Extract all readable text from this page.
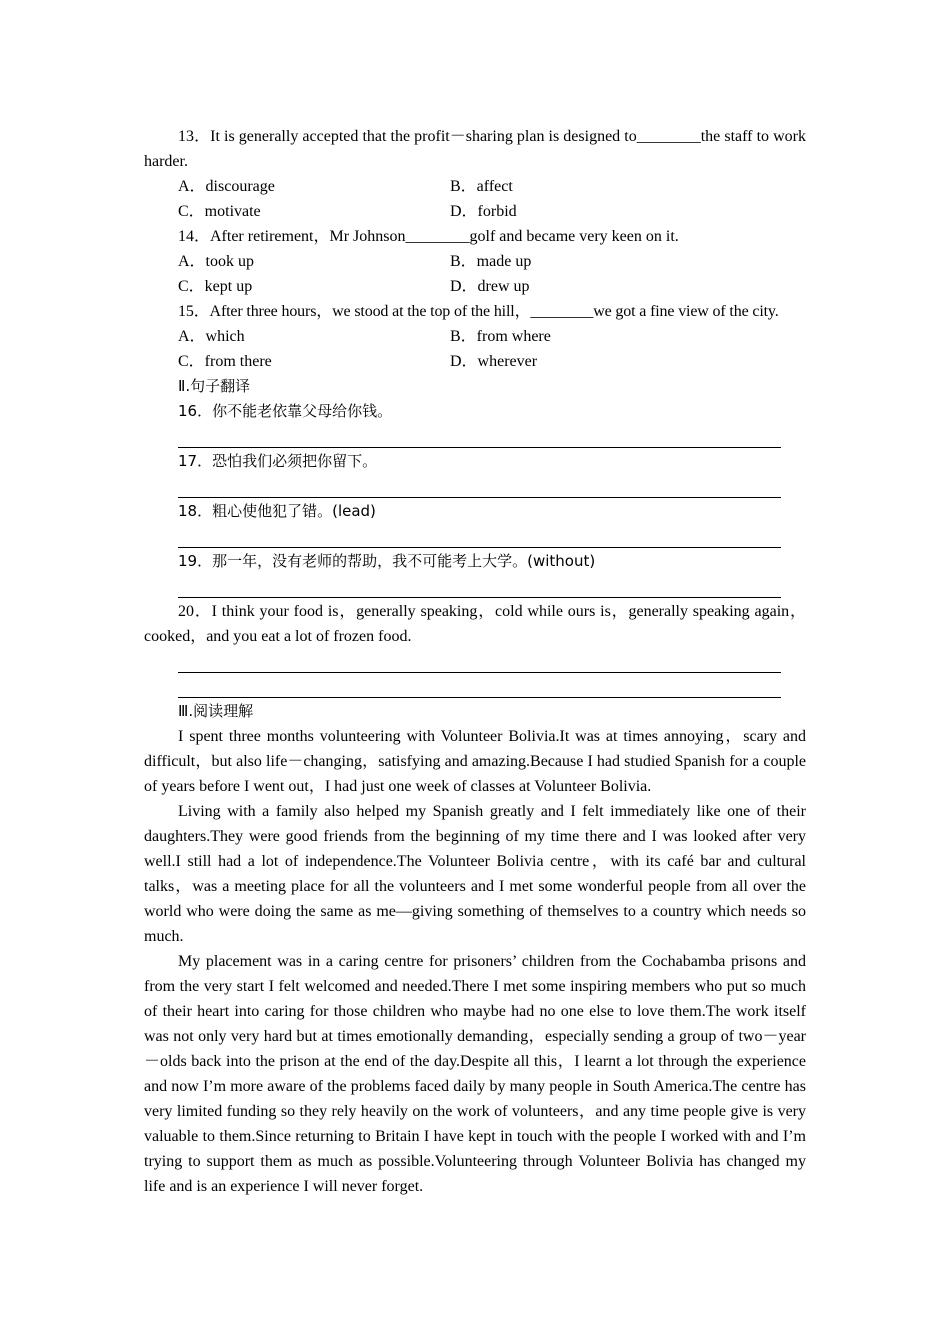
13．It is generally accepted that the profit－sharing plan is designed to________the staff to work harder.
A．discourage	B．affect
C．motivate	D．forbid
14．After retirement，Mr Johnson________golf and became very keen on it.
A．took up	B．made up
C．kept up	D．drew up
15．After three hours，we stood at the top of the hill，________we got a fine view of the city.
A．which	B．from where
C．from there	D．wherever
Ⅱ.句子翻译
16．你不能老依靠父母给你钱。
17．恐怕我们必须把你留下。
18．粗心使他犯了错。(lead)
19．那一年，没有老师的帮助，我不可能考上大学。(without)
20．I think your food is，generally speaking，cold while ours is，generally speaking again，cooked，and you eat a lot of frozen food.
Ⅲ.阅读理解
I spent three months volunteering with Volunteer Bolivia.It was at times annoying，scary and difficult，but also life－changing，satisfying and amazing.Because I had studied Spanish for a couple of years before I went out，I had just one week of classes at Volunteer Bolivia.
Living with a family also helped my Spanish greatly and I felt immediately like one of their daughters.They were good friends from the beginning of my time there and I was looked after very well.I still had a lot of independence.The Volunteer Bolivia centre，with its café bar and cultural talks，was a meeting place for all the volunteers and I met some wonderful people from all over the world who were doing the same as me—giving something of themselves to a country which needs so much.
My placement was in a caring centre for prisoners’ children from the Cochabamba prisons and from the very start I felt welcomed and needed.There I met some inspiring members who put so much of their heart into caring for those children who maybe had no one else to love them.The work itself was not only very hard but at times emotionally demanding，especially sending a group of two－year－olds back into the prison at the end of the day.Despite all this，I learnt a lot through the experience and now I’m more aware of the problems faced daily by many people in South America.The centre has very limited funding so they rely heavily on the work of volunteers，and any time people give is very valuable to them.Since returning to Britain I have kept in touch with the people I worked with and I’m trying to support them as much as possible.Volunteering through Volunteer Bolivia has changed my life and is an experience I will never forget.
